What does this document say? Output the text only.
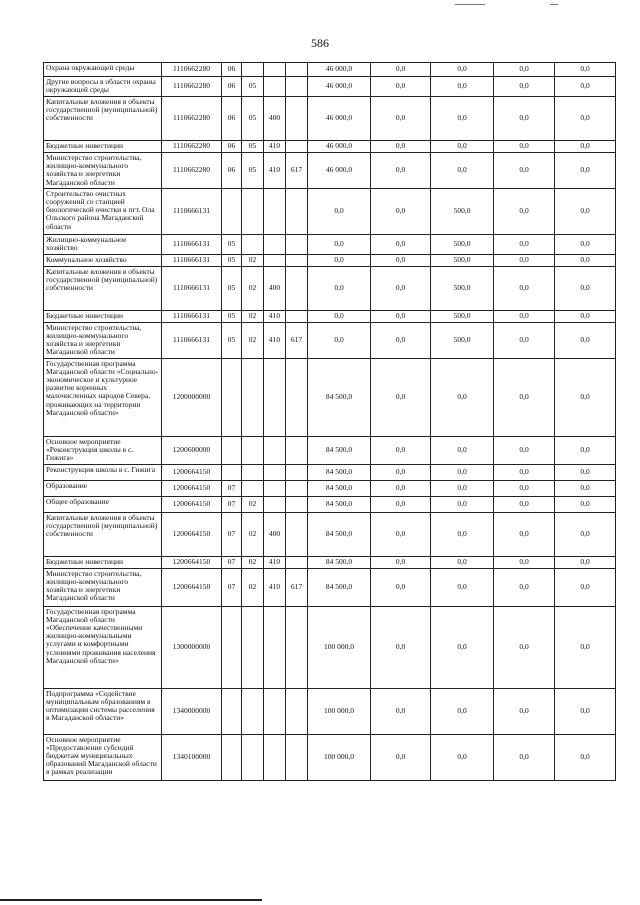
586
Охрана окружающей среды	1110662280	06				46 000,0	0,0	0,0	0,0	0,0
Другие вопросы в области охраны окружающей среды	1110662280	06	05			46 000,0	0,0	0,0	0,0	0,0
Капитальные вложения в объекты государственной (муниципальной) собственности	1110662280	06	05	400		46 000,0	0,0	0,0	0,0	0,0
Бюджетные инвестиции	1110662280	06	05	410		46 000,0	0,0	0,0	0,0	0,0
Министерство строительства, жилищно-коммунального хозяйства и энергетики Магаданской области	1110662280	06	05	410	617	46 000,0	0,0	0,0	0,0	0,0
Строительство очистных сооружений со станцией биологической очистки в пгт. Ола Ольского района Магаданской области	1110666131					0,0	0,0	500,0	0,0	0,0
Жилищно-коммунальное хозяйство	1110666131	05				0,0	0,0	500,0	0,0	0,0
Коммунальное хозяйство	1110666131	05	02			0,0	0,0	500,0	0,0	0,0
Капитальные вложения в объекты государственной (муниципальной) собственности	1110666131	05	02	400		0,0	0,0	500,0	0,0	0,0
Бюджетные инвестиции	1110666131	05	02	410		0,0	0,0	500,0	0,0	0,0
Министерство строительства, жилищно-коммунального хозяйства и энергетики Магаданской области	1110666131	05	02	410	617	0,0	0,0	500,0	0,0	0,0
Государственная программа Магаданской области «Социально-экономическое и культурное развитие коренных малочисленных народов Севера, проживающих на территории Магаданской области»	1200000000					84 500,0	0,0	0,0	0,0	0,0
Основное мероприятие «Реконструкция школы в с. Гижига»	1200600000					84 500,0	0,0	0,0	0,0	0,0
Реконструкция школы в с. Гижига	1200664150					84 500,0	0,0	0,0	0,0	0,0
Образование	1200664150	07				84 500,0	0,0	0,0	0,0	0,0
Общее образование	1200664150	07	02			84 500,0	0,0	0,0	0,0	0,0
Капитальные вложения в объекты государственной (муниципальной) собственности	1200664150	07	02	400		84 500,0	0,0	0,0	0,0	0,0
Бюджетные инвестиции	1200664150	07	02	410		84 500,0	0,0	0,0	0,0	0,0
Министерство строительства, жилищно-коммунального хозяйства и энергетики Магаданской области	1200664150	07	02	410	617	84 500,0	0,0	0,0	0,0	0,0
Государственная программа Магаданской области «Обеспечение качественными жилищно-коммунальными услугами и комфортными условиями проживания населения Магаданской области»	1300000000					100 000,0	0,0	0,0	0,0	0,0
Подпрограмма «Содействие муниципальным образованиям в оптимизации системы расселения в Магаданской области»	1340000000					100 000,0	0,0	0,0	0,0	0,0
Основное мероприятие «Предоставление субсидий бюджетам муниципальных образований Магаданской области в рамках реализации	1340100000					100 000,0	0,0	0,0	0,0	0,0
